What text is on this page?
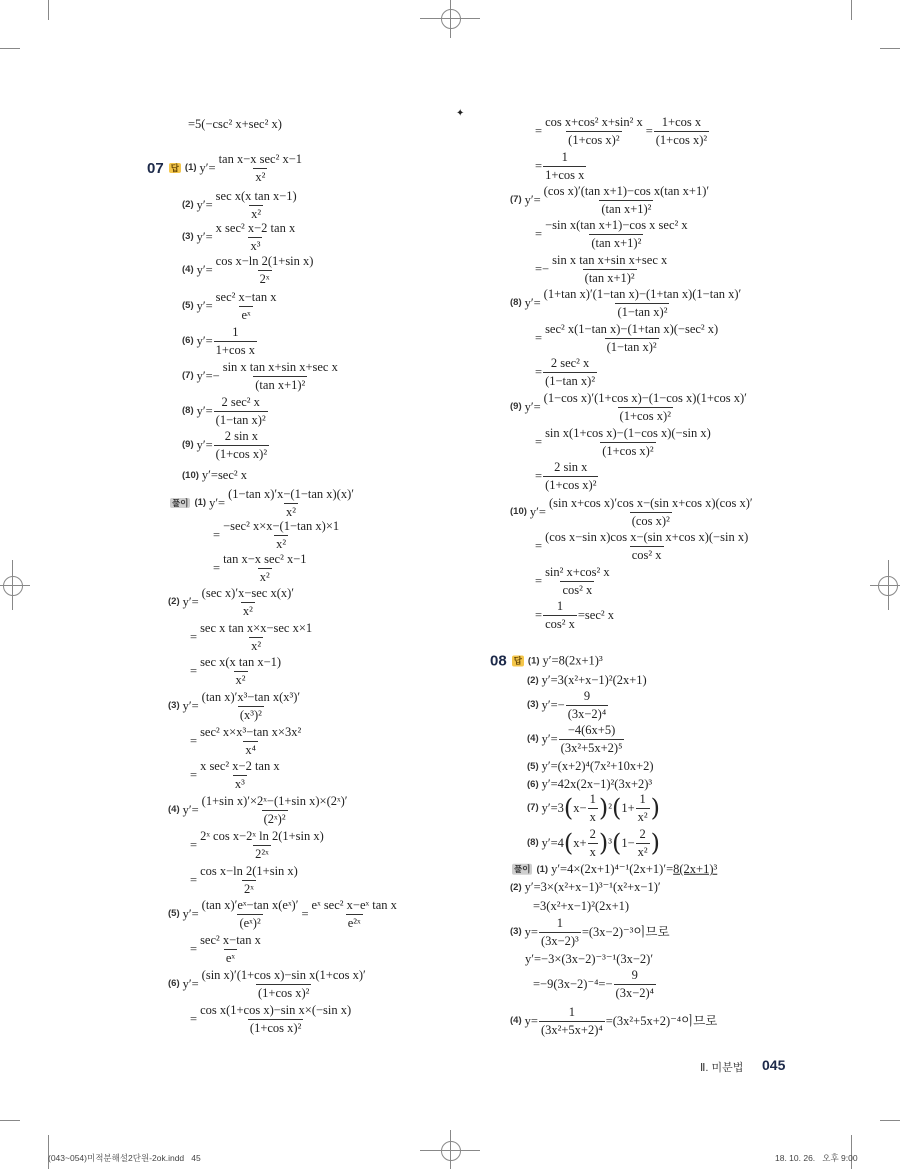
=5(−csc² x+sec² x)
07 답 (1) $y'= \frac{\text{tan x−x sec² x−1}}{\text{x²}}$
(2) $y'= \frac{\text{sec x(x tan x−1)}}{\text{x²}}$
(3) $y'= \frac{\text{x sec² x−2 tan x}}{\text{x³}}$
(4) $y'= \frac{\text{cos x−ln 2(1+sin x)}}{\text{2ˣ}}$
(5) $y'= \frac{\text{sec² x−tan x}}{\text{eˣ}}$
(6) $y'= \frac{1}{\text{1+cos x}}$
(7) $y'=- \frac{\text{sin x tan x+sin x+sec x}}{\text{(tan x+1)²}}$
(8) $y'= \frac{\text{2 sec² x}}{\text{(1−tan x)²}}$
(9) $y'= \frac{\text{2 sin x}}{\text{(1+cos x)²}}$
(10) y′=sec² x
풀이 (1) $y'= \frac{\text{(1−tan x)′x−(1−tan x)(x)′}}{\text{x²}}$
= $\frac{\text{−sec² x×x−(1−tan x)×1}}{\text{x²}}$
= $\frac{\text{tan x−x sec² x−1}}{\text{x²}}$
(2) $y'= \frac{\text{(sec x)′x−sec x(x)′}}{\text{x²}}$
= $\frac{\text{sec x tan x×x−sec x×1}}{\text{x²}}$
= $\frac{\text{sec x(x tan x−1)}}{\text{x²}}$
(3) $y'= \frac{\text{(tan x)′x³−tan x(x³)′}}{\text{(x³)²}}$
= $\frac{\text{sec² x×x³−tan x×3x²}}{\text{x⁴}}$
= $\frac{\text{x sec² x−2 tan x}}{\text{x³}}$
(4) $y'= \frac{\text{(1+sin x)′×2ˣ−(1+sin x)×(2ˣ)′}}{\text{(2ˣ)²}}$
= $\frac{\text{2ˣ cos x−2ˣ ln 2(1+sin x)}}{\text{2²ˣ}}$
= $\frac{\text{cos x−ln 2(1+sin x)}}{\text{2ˣ}}$
(5) $y'= \frac{\text{(tan x)′eˣ−tan x(eˣ)′}}{\text{(eˣ)²}} = \frac{\text{eˣ sec² x−eˣ tan x}}{\text{e²ˣ}}$
= $\frac{\text{sec² x−tan x}}{\text{eˣ}}$
(6) $y'= \frac{\text{(sin x)′(1+cos x)−sin x(1+cos x)′}}{\text{(1+cos x)²}}$
= $\frac{\text{cos x(1+cos x)−sin x×(−sin x)}}{\text{(1+cos x)²}}$
= $\frac{\text{cos x+cos² x+sin² x}}{\text{(1+cos x)²}} = \frac{\text{1+cos x}}{\text{(1+cos x)²}}$
= $\frac{1}{\text{1+cos x}}$
(7) $y'= \frac{\text{(cos x)′(tan x+1)−cos x(tan x+1)′}}{\text{(tan x+1)²}}$
= $\frac{\text{−sin x(tan x+1)−cos x sec² x}}{\text{(tan x+1)²}}$
=− $\frac{\text{sin x tan x+sin x+sec x}}{\text{(tan x+1)²}}$
(8) $y'= \frac{\text{(1+tan x)′(1−tan x)−(1+tan x)(1−tan x)′}}{\text{(1−tan x)²}}$
= $\frac{\text{sec² x(1−tan x)−(1+tan x)(−sec² x)}}{\text{(1−tan x)²}}$
= $\frac{\text{2 sec² x}}{\text{(1−tan x)²}}$
(9) $y'= \frac{\text{(1−cos x)′(1+cos x)−(1−cos x)(1+cos x)′}}{\text{(1+cos x)²}}$
= $\frac{\text{sin x(1+cos x)−(1−cos x)(−sin x)}}{\text{(1+cos x)²}}$
= $\frac{\text{2 sin x}}{\text{(1+cos x)²}}$
(10) $y'= \frac{\text{(sin x+cos x)′cos x−(sin x+cos x)(cos x)′}}{\text{(cos x)²}}$
= $\frac{\text{(cos x−sin x)cos x−(sin x+cos x)(−sin x)}}{\text{cos² x}}$
= $\frac{\text{sin² x+cos² x}}{\text{cos² x}}$
= $\frac{1}{\text{cos² x}} =\sec^2$ x
08 답 (1) y′=8(2x+1)³
(2) y′=3(x²+x−1)²(2x+1)
(3) $y'=- \frac{9}{\text{(3x−2)⁴}}$
(4) $y'= \frac{-4(6x+5)}{\text{(3x²+5x+2)⁵}}$
(5) y′=(x+2)⁴(7x²+10x+2)
(6) y′=42x(2x−1)²(3x+2)³
(7) y′=3 ( $x- \frac{1}{x}$ ) ² ( $1+ \frac{1}{\text{x²}}$ )
(8) y′=4 ( $x+ \frac{2}{x}$ ) ³ ( $1- \frac{2}{\text{x²}}$ )
풀이 (1) y′=4×(2x+1)⁴⁻¹(2x+1)′= 8(2x+1)³
(2) y′=3×(x²+x−1)³⁻¹(x²+x−1)′
=3(x²+x−1)²(2x+1)
(3) $y= \frac{1}{\text{(3x−2)³}} =(3x-2)^{-3}$이므로
y′=−3×(3x−2)⁻³⁻¹(3x−2)′
$=-9(3x-2)^{-4}=- \frac{9}{\text{(3x−2)⁴}}$
(4) $y= \frac{1}{\text{(3x²+5x+2)⁴}} =(3x^2+5x+2)^{-4}$이므로
✦
Ⅱ. 미분법 045
(043~054)미적분해설2단원-2ok.indd   45	18. 10. 26.   오후 9:00
